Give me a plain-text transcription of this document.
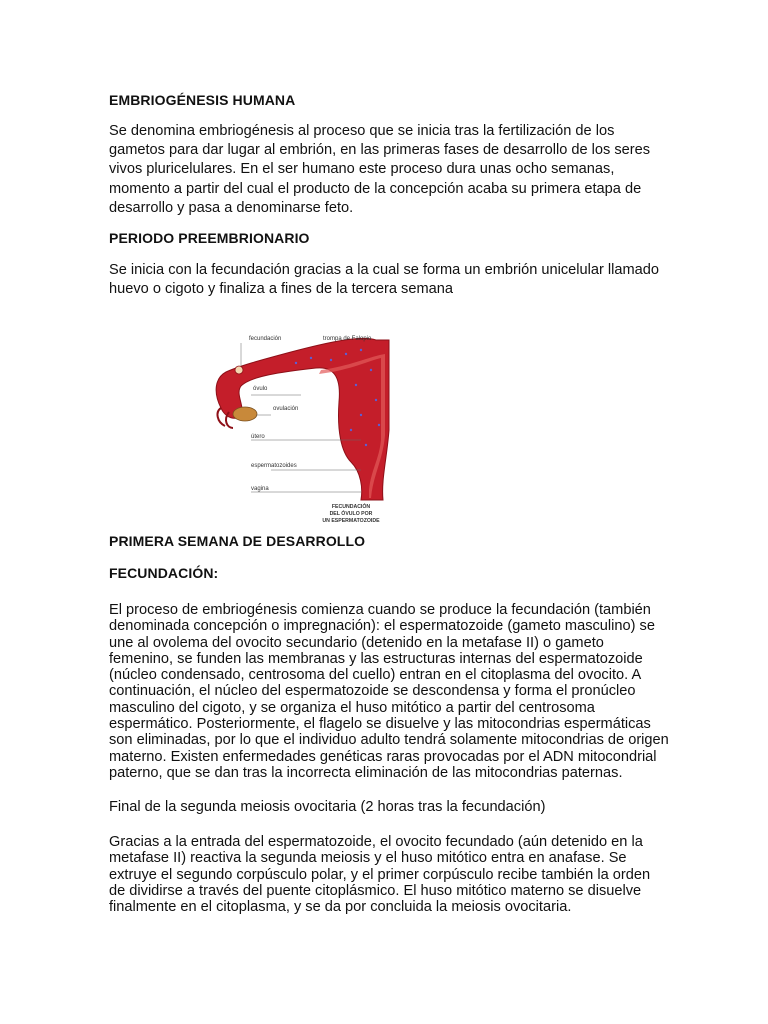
EMBRIOGÉNESIS HUMANA

Se denomina embriogénesis al proceso que se inicia tras la fertilización de los gametos para dar lugar al embrión, en las primeras fases de desarrollo de los seres vivos pluricelulares. En el ser humano este proceso dura unas ocho semanas, momento a partir del cual el producto de la concepción acaba su primera etapa de desarrollo y pasa a denominarse feto.

PERIODO PREEMBRIONARIO

Se inicia con la fecundación gracias a la cual se forma un embrión unicelular llamado huevo o cigoto y finaliza a fines de la tercera semana

PRIMERA SEMANA DE DESARROLLO
FECUNDACIÓN:

El proceso de embriogénesis comienza cuando se produce la fecundación (también denominada concepción o impregnación): el espermatozoide (gameto masculino) se une al ovolema del ovocito secundario (detenido en la metafase II) o gameto femenino, se funden las membranas y las estructuras internas del espermatozoide (núcleo condensado, centrosoma del cuello) entran en el citoplasma del ovocito. A continuación, el núcleo del espermatozoide se descondensa y forma el pronúcleo masculino del cigoto, y se organiza el huso mitótico a partir del centrosoma espermático. Posteriormente, el flagelo se disuelve y las mitocondrias espermáticas son eliminadas, por lo que el individuo adulto tendrá solamente mitocondrias de origen materno. Existen enfermedades genéticas raras provocadas por el ADN mitocondrial paterno, que se dan tras la incorrecta eliminación de las mitocondrias paternas.

Final de la segunda meiosis ovocitaria (2 horas tras la fecundación)

Gracias a la entrada del espermatozoide, el ovocito fecundado (aún detenido en la metafase II) reactiva la segunda meiosis y el huso mitótico entra en anafase. Se extruye el segundo corpúsculo polar, y el primer corpúsculo recibe también la orden de dividirse a través del puente citoplásmico. El huso mitótico materno se disuelve finalmente en el citoplasma, y se da por concluida la meiosis ovocitaria.

fecundación	trompa de Falopio
óvulo
ovulación
útero
espermatozoides
vagina
FECUNDACIÓN
DEL ÓVULO POR
UN ESPERMATOZOIDE
